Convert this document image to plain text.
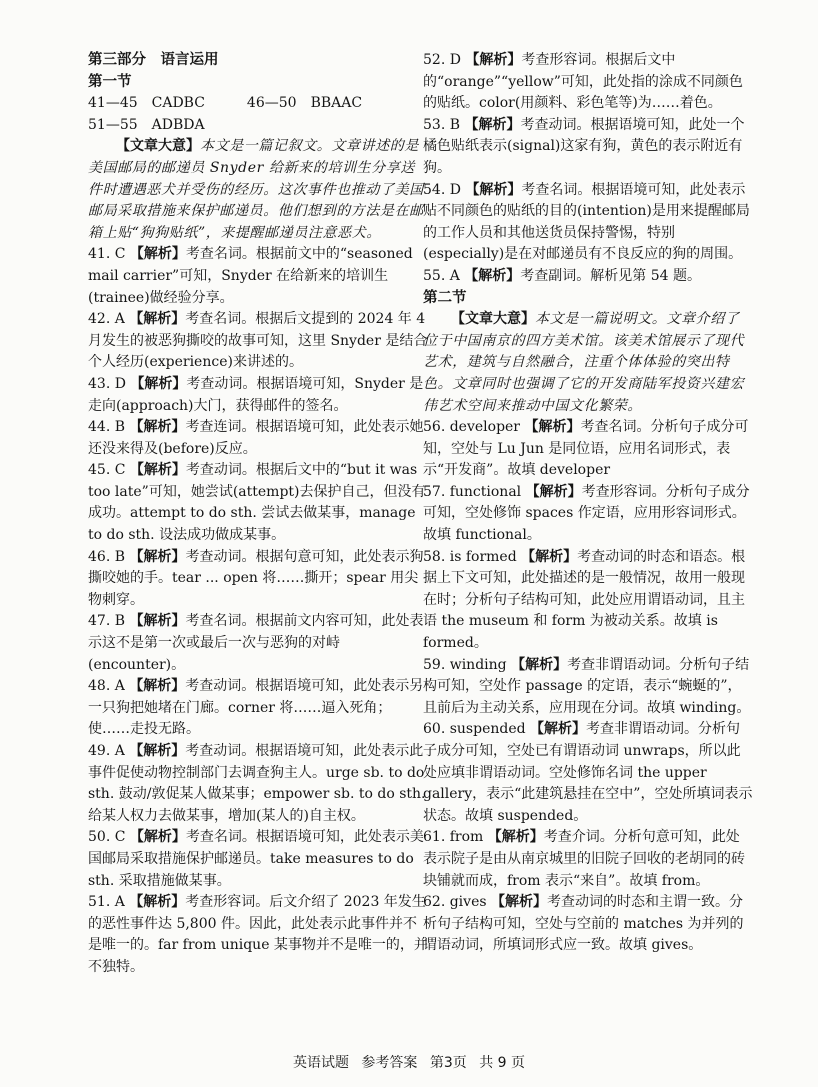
第三部分　语言运用

第一节

41—45　CADBC　　　46—50　BBAAC

51—55　ADBDA

【文章大意】本文是一篇记叙文。文章讲述的是美国邮局的邮递员 Snyder 给新来的培训生分享送件时遭遇恶犬并受伤的经历。这次事件也推动了美国邮局采取措施来保护邮递员。他们想到的方法是在邮箱上贴“狗狗贴纸”，来提醒邮递员注意恶犬。

41. C 【解析】考查名词。根据前文中的“seasoned mail carrier”可知，Snyder 在给新来的培训生(trainee)做经验分享。

42. A 【解析】考查名词。根据后文提到的 2024 年 4 月发生的被恶狗撕咬的故事可知，这里 Snyder 是结合个人经历(experience)来讲述的。

43. D 【解析】考查动词。根据语境可知，Snyder 是走向(approach)大门，获得邮件的签名。

44. B 【解析】考查连词。根据语境可知，此处表示她还没来得及(before)反应。

45. C 【解析】考查动词。根据后文中的“but it was too late”可知，她尝试(attempt)去保护自己，但没有成功。attempt to do sth. 尝试去做某事，manage to do sth. 设法成功做成某事。

46. B 【解析】考查动词。根据句意可知，此处表示狗撕咬她的手。tear ... open 将……撕开；spear 用尖物刺穿。

47. B 【解析】考查名词。根据前文内容可知，此处表示这不是第一次或最后一次与恶狗的对峙(encounter)。

48. A 【解析】考查动词。根据语境可知，此处表示另一只狗把她堵在门廊。corner 将……逼入死角；使……走投无路。

49. A 【解析】考查动词。根据语境可知，此处表示此事件促使动物控制部门去调查狗主人。urge sb. to do sth. 鼓动/敦促某人做某事；empower sb. to do sth. 给某人权力去做某事，增加(某人的)自主权。

50. C 【解析】考查名词。根据语境可知，此处表示美国邮局采取措施保护邮递员。take measures to do sth. 采取措施做某事。

51. A 【解析】考查形容词。后文介绍了 2023 年发生的恶性事件达 5,800 件。因此，此处表示此事件并不是唯一的。far from unique 某事物并不是唯一的，并不独特。

52. D 【解析】考查形容词。根据后文中的“orange”“yellow”可知，此处指的涂成不同颜色的贴纸。color(用颜料、彩色笔等)为……着色。

53. B 【解析】考查动词。根据语境可知，此处一个橘色贴纸表示(signal)这家有狗，黄色的表示附近有狗。

54. D 【解析】考查名词。根据语境可知，此处表示贴不同颜色的贴纸的目的(intention)是用来提醒邮局的工作人员和其他送货员保持警惕，特别(especially)是在对邮递员有不良反应的狗的周围。

55. A 【解析】考查副词。解析见第 54 题。

第二节

【文章大意】本文是一篇说明文。文章介绍了位于中国南京的四方美术馆。该美术馆展示了现代艺术，建筑与自然融合，注重个体体验的突出特色。文章同时也强调了它的开发商陆军投资兴建宏伟艺术空间来推动中国文化繁荣。

56. developer 【解析】考查名词。分析句子成分可知，空处与 Lu Jun 是同位语，应用名词形式，表示“开发商”。故填 developer

57. functional 【解析】考查形容词。分析句子成分可知，空处修饰 spaces 作定语，应用形容词形式。故填 functional。

58. is formed 【解析】考查动词的时态和语态。根据上下文可知，此处描述的是一般情况，故用一般现在时；分析句子结构可知，此处应用谓语动词，且主语 the museum 和 form 为被动关系。故填 is formed。

59. winding 【解析】考查非谓语动词。分析句子结构可知，空处作 passage 的定语，表示“蜿蜒的”，且前后为主动关系，应用现在分词。故填 winding。

60. suspended 【解析】考查非谓语动词。分析句子成分可知，空处已有谓语动词 unwraps，所以此处应填非谓语动词。空处修饰名词 the upper gallery，表示“此建筑悬挂在空中”，空处所填词表示状态。故填 suspended。

61. from 【解析】考查介词。分析句意可知，此处表示院子是由从南京城里的旧院子回收的老胡同的砖块铺就而成，from 表示“来自”。故填 from。

62. gives 【解析】考查动词的时态和主谓一致。分析句子结构可知，空处与空前的 matches 为并列的谓语动词，所填词形式应一致。故填 gives。

英语试题 参考答案 第3页 共 9 页
